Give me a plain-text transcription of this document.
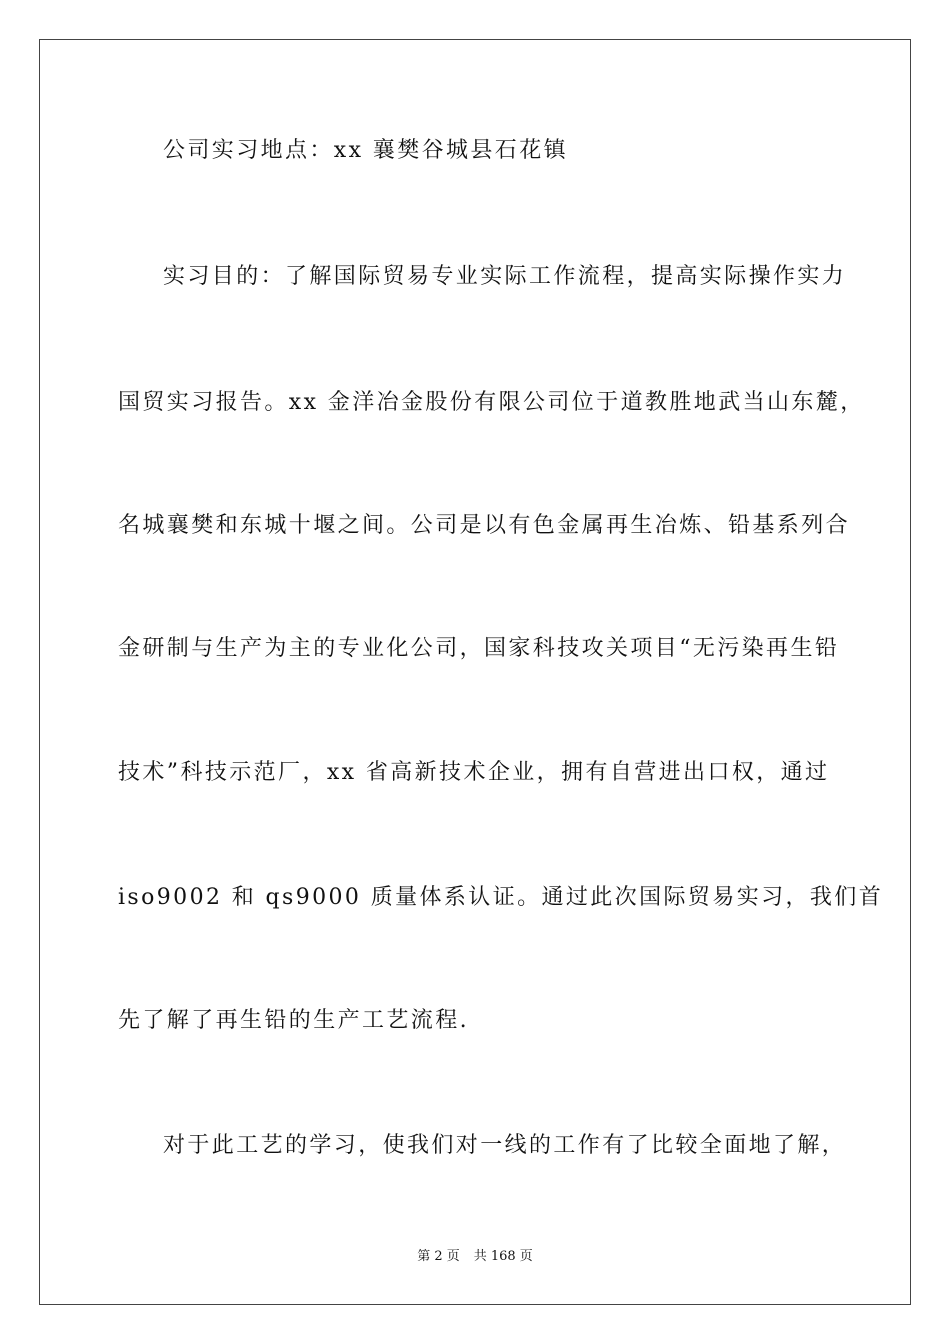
公司实习地点：xx 襄樊谷城县石花镇
实习目的：了解国际贸易专业实际工作流程，提高实际操作实力
国贸实习报告。xx 金洋冶金股份有限公司位于道教胜地武当山东麓，
名城襄樊和东城十堰之间。公司是以有色金属再生冶炼、铅基系列合
金研制与生产为主的专业化公司，国家科技攻关项目“无污染再生铅
技术”科技示范厂，xx 省高新技术企业，拥有自营进出口权，通过
iso9002 和 qs9000 质量体系认证。通过此次国际贸易实习，我们首
先了解了再生铅的生产工艺流程.
对于此工艺的学习，使我们对一线的工作有了比较全面地了解，
第 2 页 共 168 页
